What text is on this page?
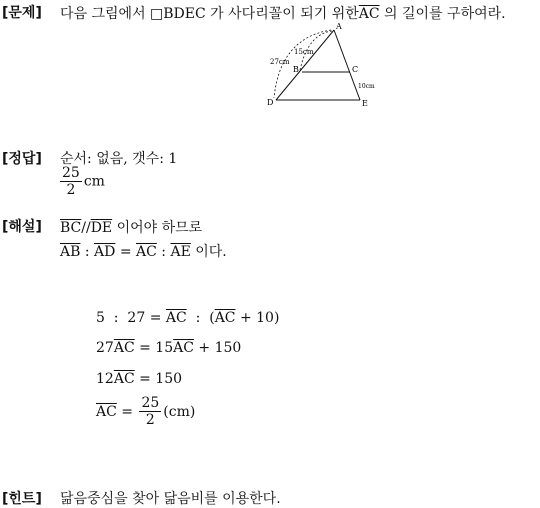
[문제] 다음 그림에서 □BDEC 가 사다리꼴이 되기 위한$\overline{AC}$ 의 길이를 구하여라.
A
B	C
D	E
15cm
27cm
10cm
[정답] 순서: 없음, 갯수: 1
$\frac{25}{2}$ cm
[해설] $\overline{BC}//\overline{DE}$ 이어야 하므로
$\overline{AB}$ : $\overline{AD} = \overline{AC}$ : $\overline{AE}$ 이다.
5  :  $27 = \overline{AC}$  :  $(\overline{AC} + 10)$
$27\overline{AC} = 15\overline{AC} + 150$
$12\overline{AC} = 150$
$\overline{AC} = \frac{25}{2} (cm)$
[힌트] 닮음중심을 찾아 닮음비를 이용한다.
